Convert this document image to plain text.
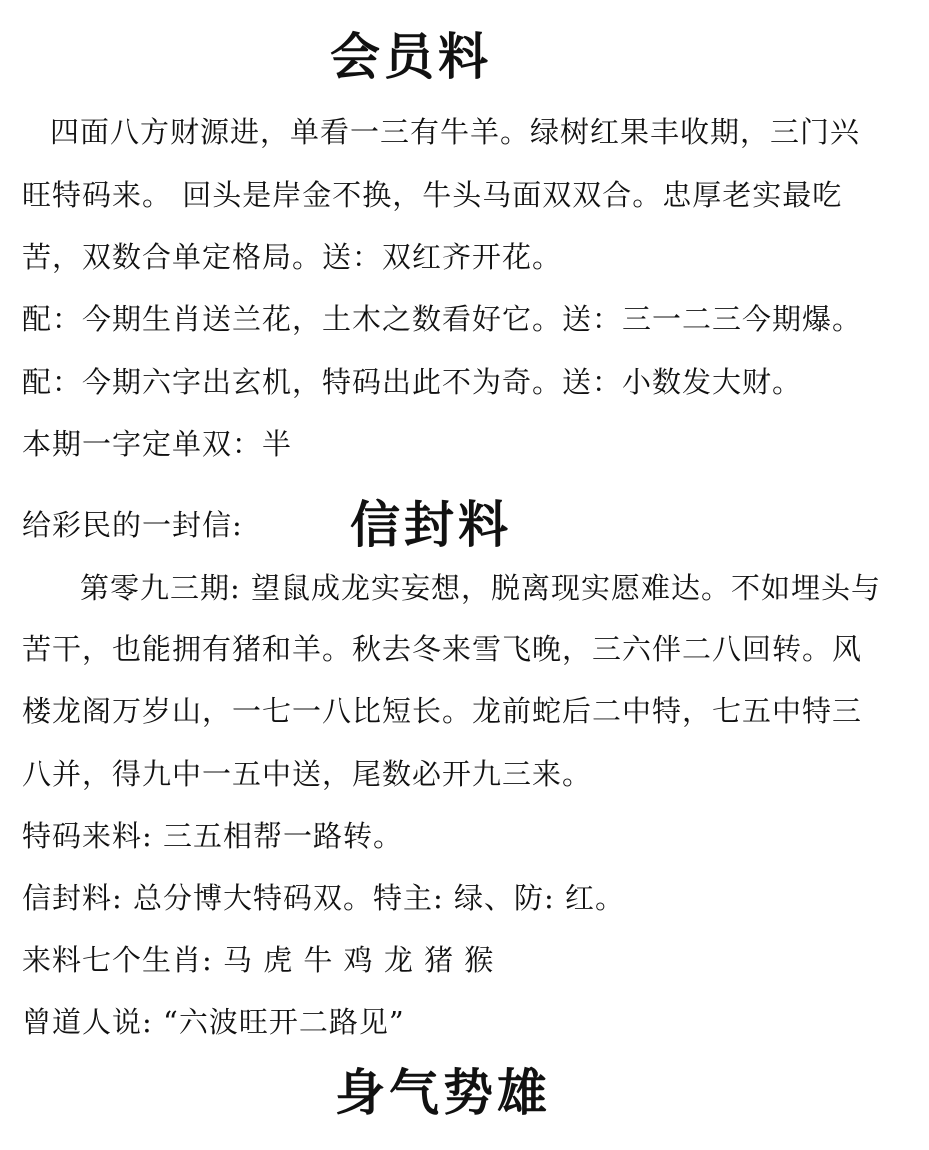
会员料
四面八方财源进，单看一三有牛羊。绿树红果丰收期，三门兴
旺特码来。 回头是岸金不换，牛头马面双双合。忠厚老实最吃
苦，双数合单定格局。送：双红齐开花。
配：今期生肖送兰花，土木之数看好它。送：三一二三今期爆。
配：今期六字出玄机，特码出此不为奇。送：小数发大财。
本期一字定单双：半
给彩民的一封信: 信封料
第零九三期: 望鼠成龙实妄想，脱离现实愿难达。不如埋头与
苦干，也能拥有猪和羊。秋去冬来雪飞晚，三六伴二八回转。风
楼龙阁万岁山，一七一八比短长。龙前蛇后二中特，七五中特三
八并，得九中一五中送，尾数必开九三来。
特码来料: 三五相帮一路转。
信封料: 总分博大特码双。特主: 绿、防: 红。
来料七个生肖: 马 虎 牛 鸡 龙 猪 猴
曾道人说: “六波旺开二路见”
身气势雄
